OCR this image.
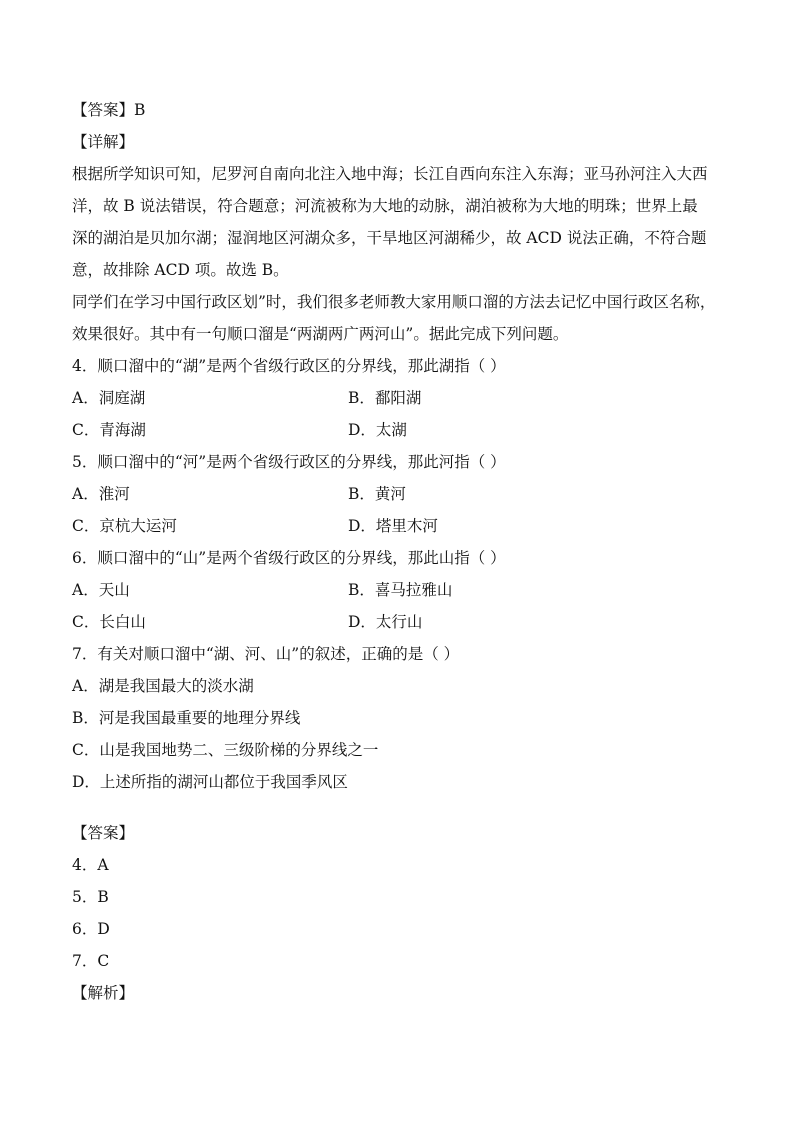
【答案】B
【详解】
根据所学知识可知，尼罗河自南向北注入地中海；长江自西向东注入东海；亚马孙河注入大西
洋，故 B 说法错误，符合题意；河流被称为大地的动脉，湖泊被称为大地的明珠；世界上最
深的湖泊是贝加尔湖；湿润地区河湖众多，干旱地区河湖稀少，故 ACD 说法正确，不符合题
意，故排除 ACD 项。故选 B。
同学们在学习中国行政区划”时，我们很多老师教大家用顺口溜的方法去记忆中国行政区名称，
效果很好。其中有一句顺口溜是“两湖两广两河山”。据此完成下列问题。
4．顺口溜中的“湖”是两个省级行政区的分界线，那此湖指（ ）
A．洞庭湖	B．鄱阳湖
C．青海湖	D．太湖
5．顺口溜中的“河”是两个省级行政区的分界线，那此河指（ ）
A．淮河	B．黄河
C．京杭大运河	D．塔里木河
6．顺口溜中的“山”是两个省级行政区的分界线，那此山指（ ）
A．天山	B．喜马拉雅山
C．长白山	D．太行山
7．有关对顺口溜中“湖、河、山”的叙述，正确的是（ ）
A．湖是我国最大的淡水湖
B．河是我国最重要的地理分界线
C．山是我国地势二、三级阶梯的分界线之一
D．上述所指的湖河山都位于我国季风区
【答案】
4．A
5．B
6．D
7．C
【解析】
